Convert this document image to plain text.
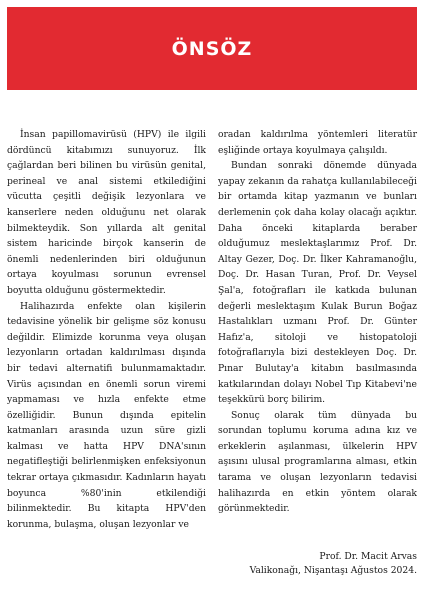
ÖNSÖZ

İnsan papillomavirüsü (HPV) ile ilgili dördüncü kitabımızı sunuyoruz. İlk çağlardan beri bilinen bu virüsün genital, perineal ve anal sistemi etkilediğini vücutta çeşitli değişik lezyonlara ve kanserlere neden olduğunu net olarak bilmekteydik. Son yıllarda alt genital sistem haricinde birçok kanserin de önemli nedenlerinden biri olduğunun ortaya koyulması sorunun evrensel boyutta olduğunu göstermektedir.

Halihazırda enfekte olan kişilerin tedavisine yönelik bir gelişme söz konusu değildir. Elimizde korunma veya oluşan lezyonların ortadan kaldırılması dışında bir tedavi alternatifi bulunmamaktadır. Virüs açısından en önemli sorun viremi yapmaması ve hızla enfekte etme özelliğidir. Bunun dışında epitelin katmanları arasında uzun süre gizli kalması ve hatta HPV DNA'sının negatifleştiği belirlenmişken enfeksiyonun tekrar ortaya çıkmasıdır. Kadınların hayatı boyunca %80'inin etkilendiği bilinmektedir. Bu kitapta HPV'den korunma, bulaşma, oluşan lezyonlar ve

oradan kaldırılma yöntemleri literatür eşliğinde ortaya koyulmaya çalışıldı.

Bundan sonraki dönemde dünyada yapay zekanın da rahatça kullanılabileceği bir ortamda kitap yazmanın ve bunları derlemenin çok daha kolay olacağı açıktır. Daha önceki kitaplarda beraber olduğumuz meslektaşlarımız Prof. Dr. Altay Gezer, Doç. Dr. İlker Kahramanoğlu, Doç. Dr. Hasan Turan, Prof. Dr. Veysel Şal'a, fotoğrafları ile katkıda bulunan değerli meslektaşım Kulak Burun Boğaz Hastalıkları uzmanı Prof. Dr. Günter Hafız'a, sitoloji ve histopatoloji fotoğraflarıyla bizi destekleyen Doç. Dr. Pınar Bulutay'a kitabın basılmasında katkılarından dolayı Nobel Tıp Kitabevi'ne teşekkürü borç bilirim.

Sonuç olarak tüm dünyada bu sorundan toplumu koruma adına kız ve erkeklerin aşılanması, ülkelerin HPV aşısını ulusal programlarına alması, etkin tarama ve oluşan lezyonların tedavisi halihazırda en etkin yöntem olarak görünmektedir.

Prof. Dr. Macit Arvas
Valikonağı, Nişantaşı Ağustos 2024.
